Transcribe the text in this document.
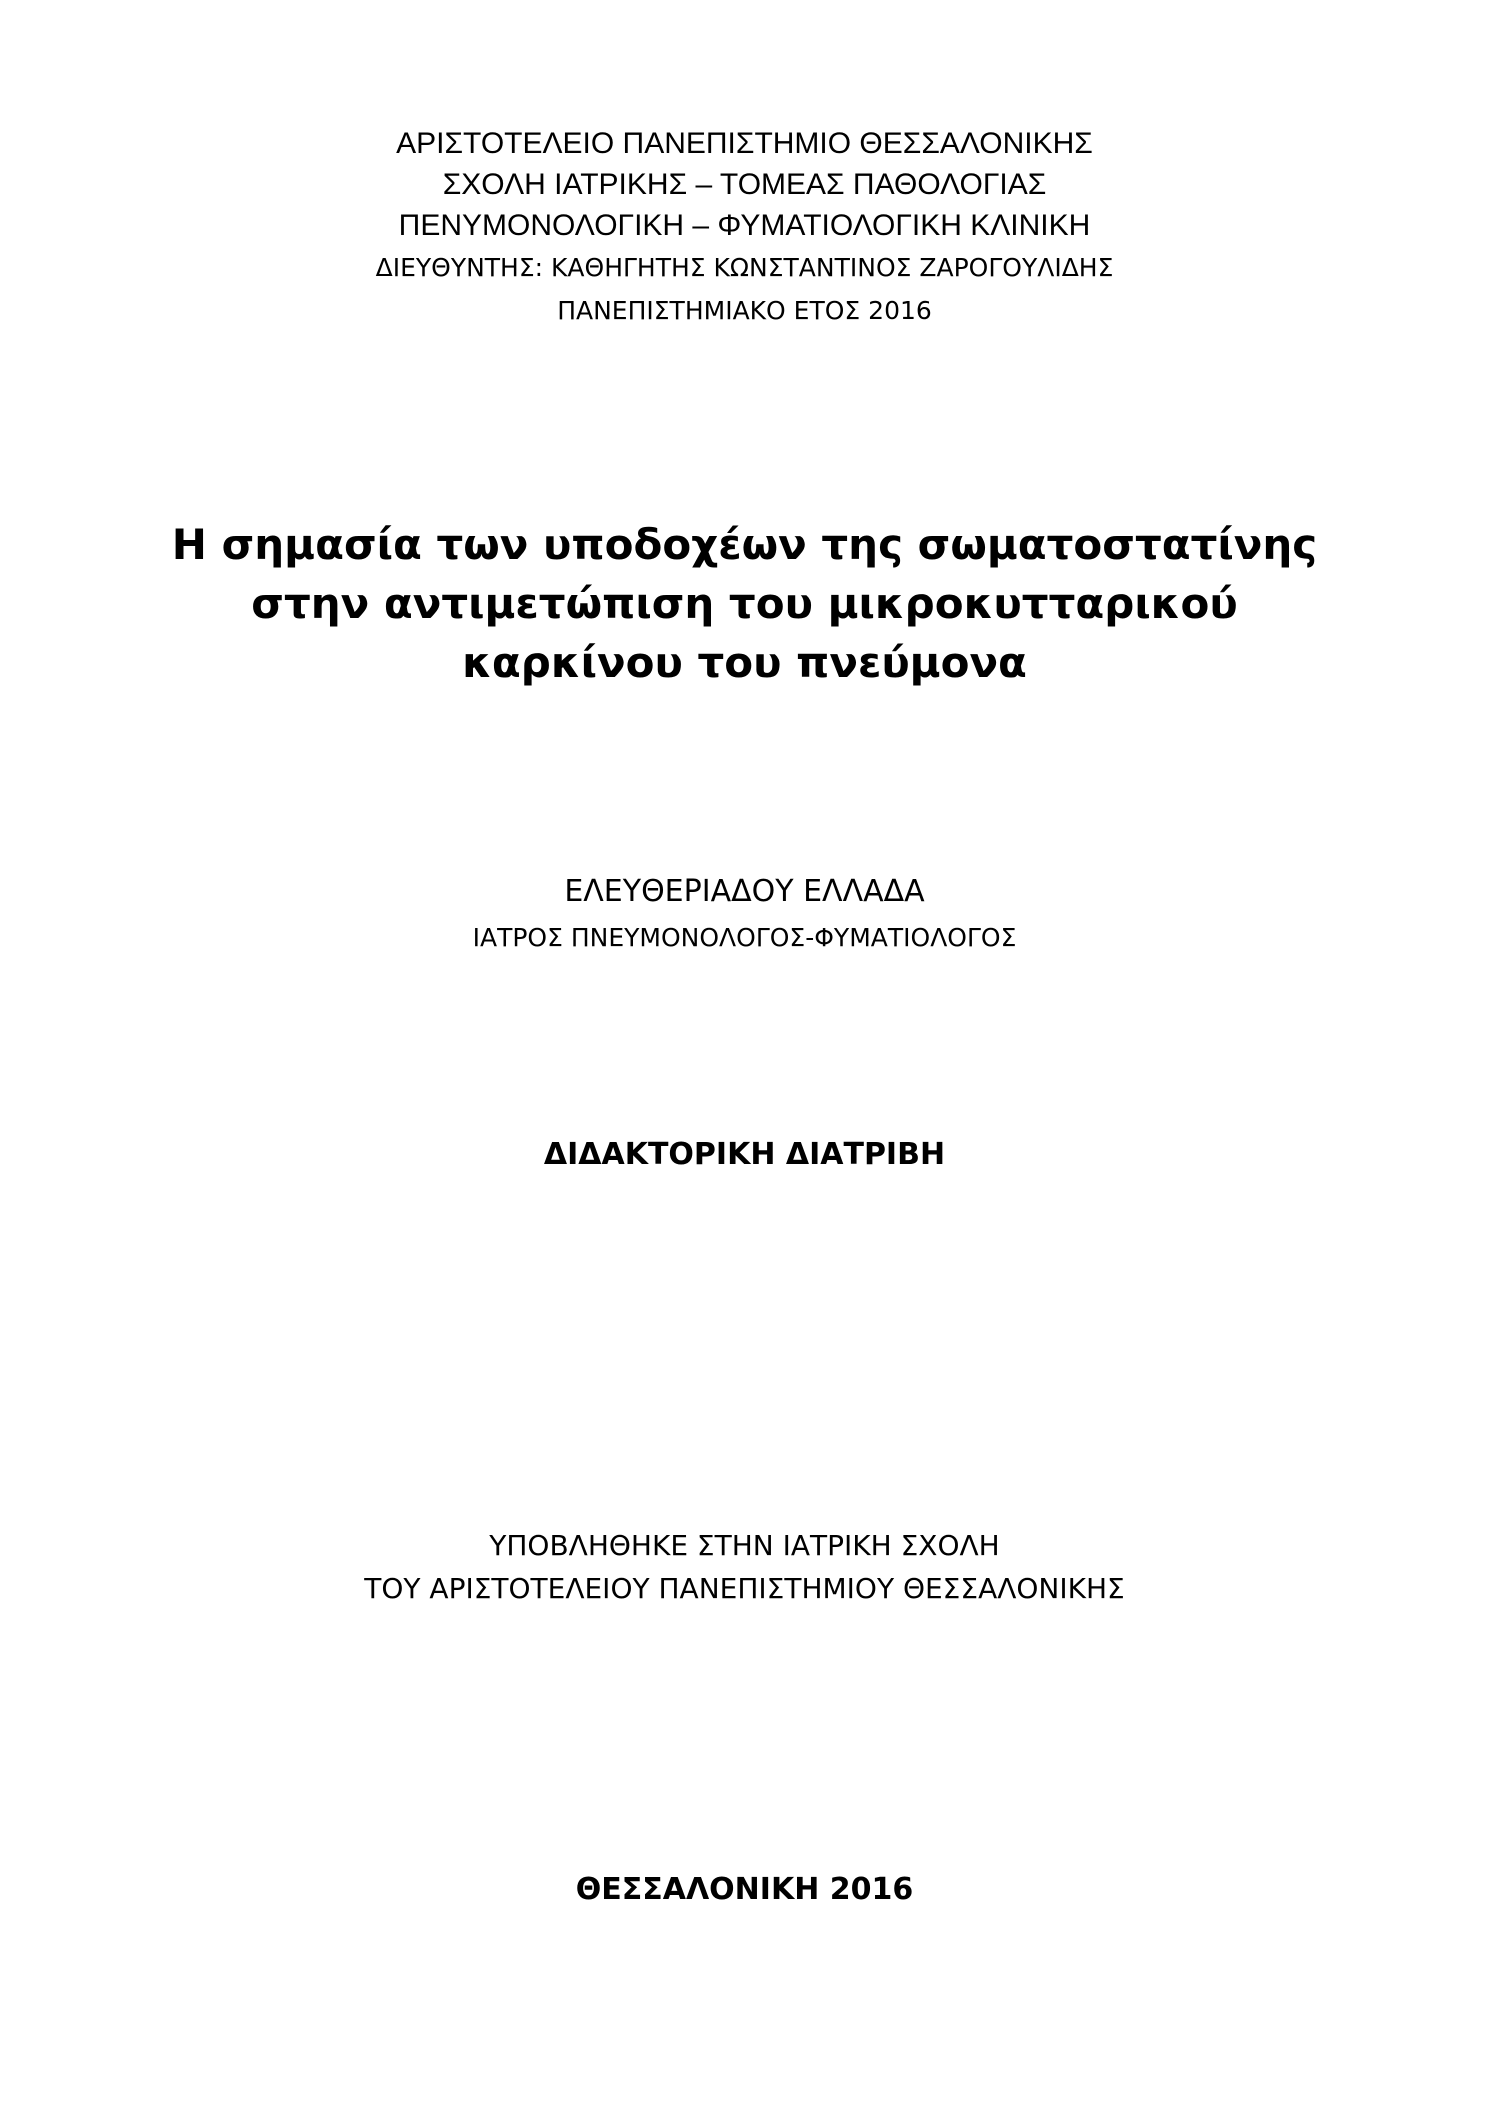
ΑΡΙΣΤΟΤΕΛΕΙΟ ΠΑΝΕΠΙΣΤΗΜΙΟ ΘΕΣΣΑΛΟΝΙΚΗΣ
ΣΧΟΛΗ ΙΑΤΡΙΚΗΣ – ΤΟΜΕΑΣ ΠΑΘΟΛΟΓΙΑΣ
ΠΕΝΥΜΟΝΟΛΟΓΙΚΗ – ΦΥΜΑΤΙΟΛΟΓΙΚΗ ΚΛΙΝΙΚΗ
ΔΙΕΥΘΥΝΤΗΣ: ΚΑΘΗΓΗΤΗΣ ΚΩΝΣΤΑΝΤΙΝΟΣ ΖΑΡΟΓΟΥΛΙΔΗΣ
ΠΑΝΕΠΙΣΤΗΜΙΑΚΟ ΕΤΟΣ 2016
Η σημασία των υποδοχέων της σωματοστατίνης
στην αντιμετώπιση του μικροκυτταρικού
καρκίνου του πνεύμονα
ΕΛΕΥΘΕΡΙΑΔΟΥ ΕΛΛΑΔΑ
ΙΑΤΡΟΣ ΠΝΕΥΜΟΝΟΛΟΓΟΣ-ΦΥΜΑΤΙΟΛΟΓΟΣ
ΔΙΔΑΚΤΟΡΙΚΗ ΔΙΑΤΡΙΒΗ
ΥΠΟΒΛΗΘΗΚΕ ΣΤΗΝ ΙΑΤΡΙΚΗ ΣΧΟΛΗ
ΤΟΥ ΑΡΙΣΤΟΤΕΛΕΙΟΥ ΠΑΝΕΠΙΣΤΗΜΙΟΥ ΘΕΣΣΑΛΟΝΙΚΗΣ
ΘΕΣΣΑΛΟΝΙΚΗ 2016
